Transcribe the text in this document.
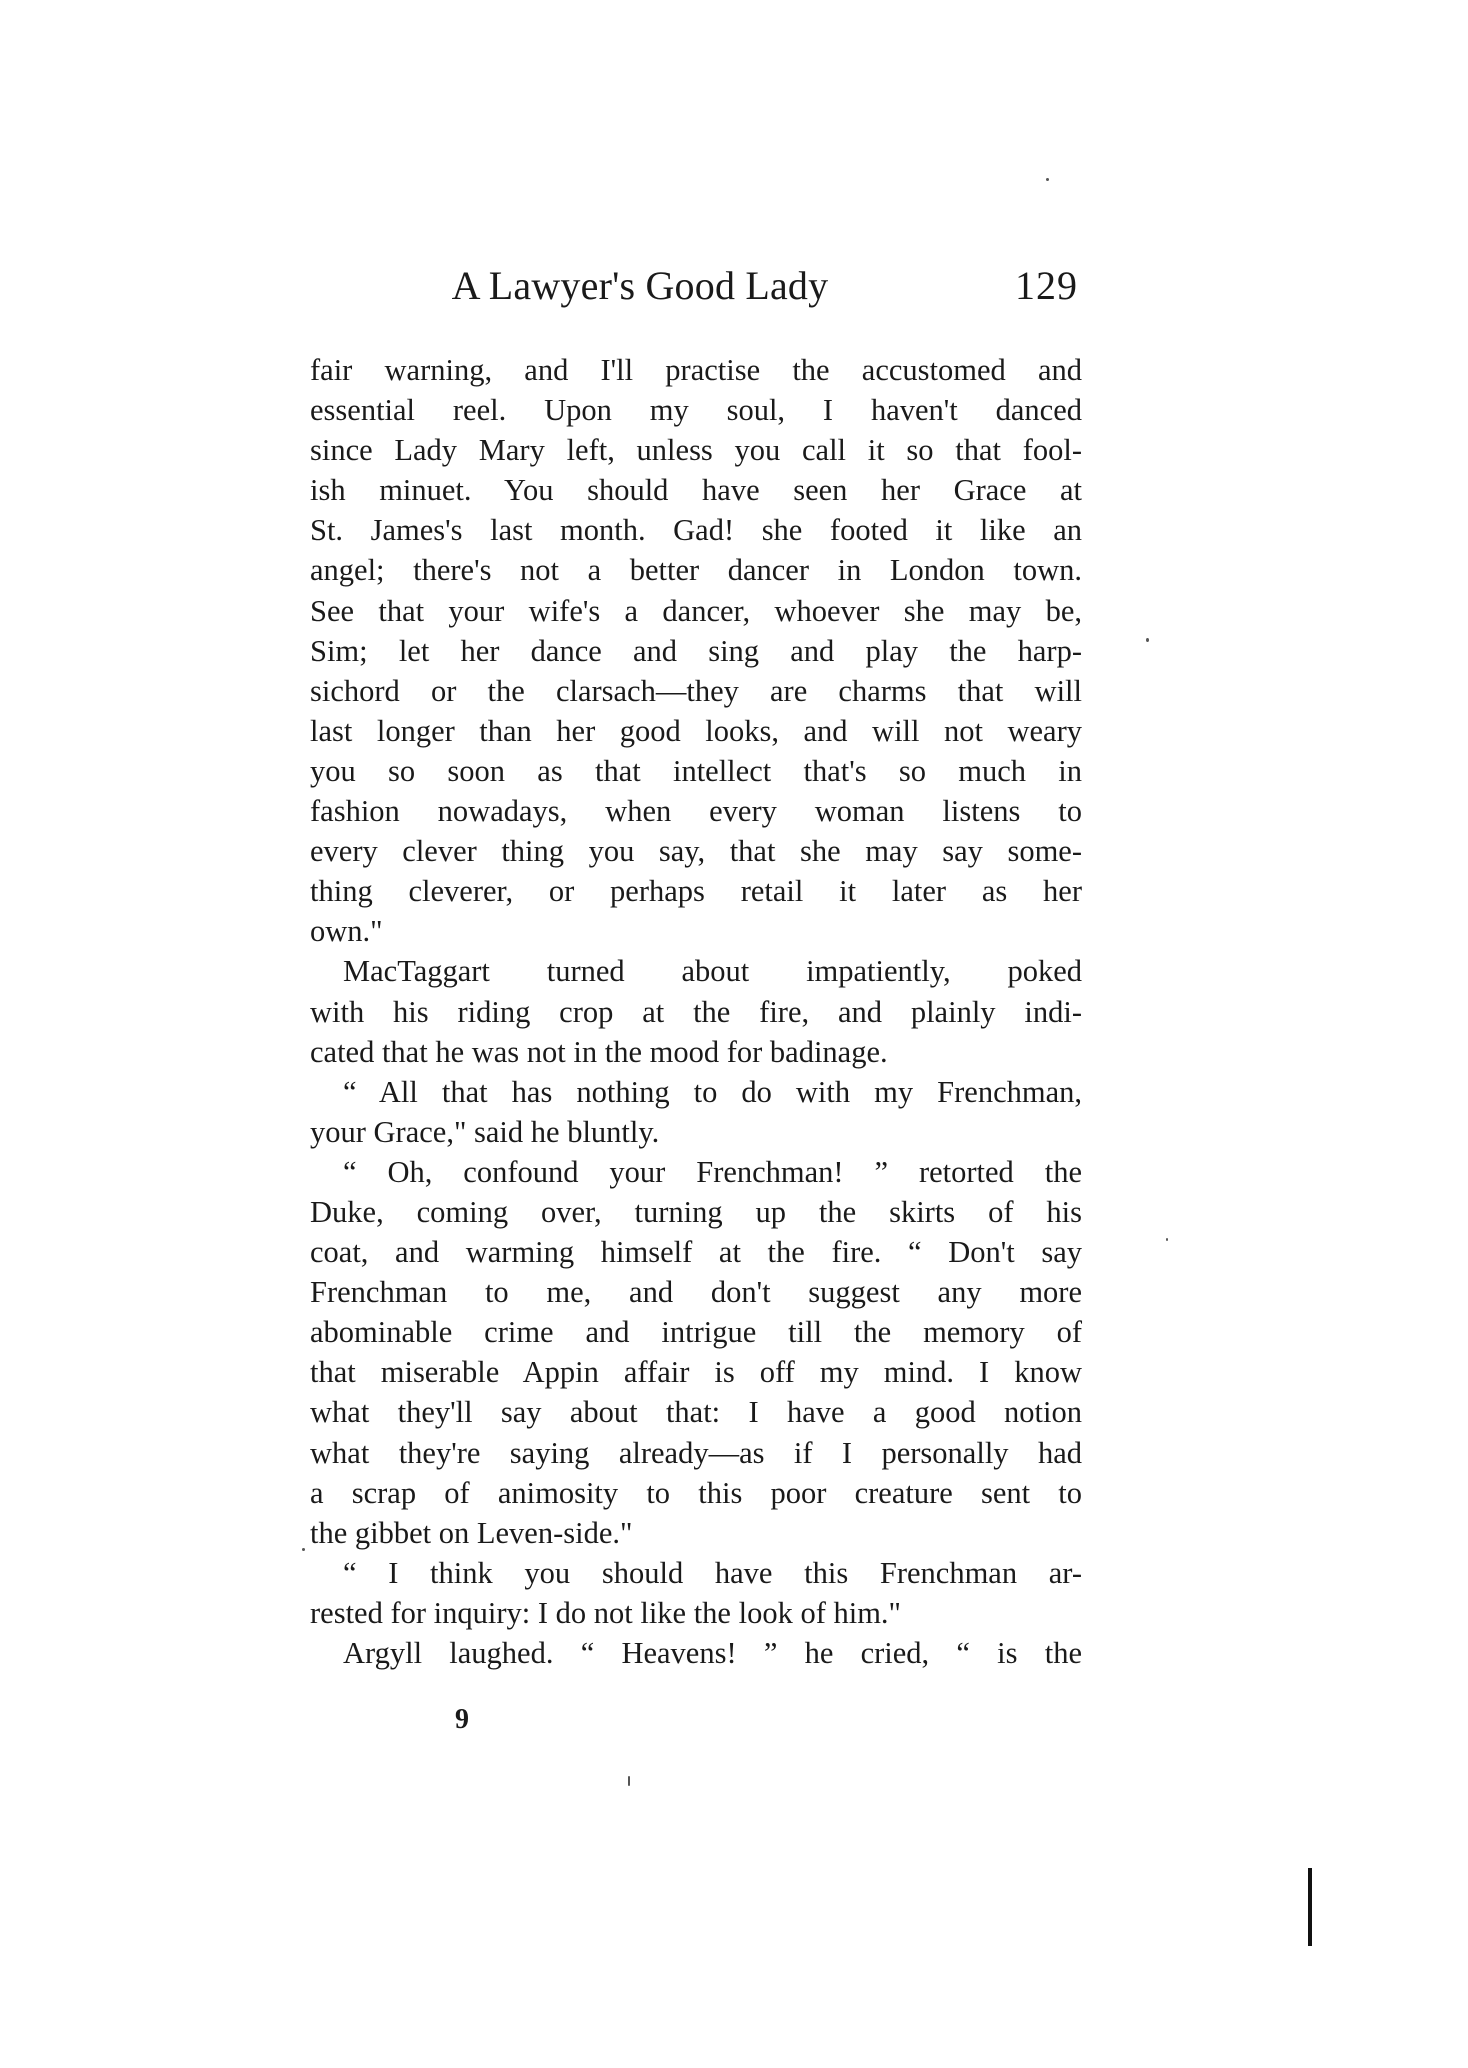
A Lawyer's Good Lady	129
fair warning, and I'll practise the accustomed and
essential reel. Upon my soul, I haven't danced
since Lady Mary left, unless you call it so that fool-
ish minuet. You should have seen her Grace at
St. James's last month. Gad! she footed it like an
angel; there's not a better dancer in London town.
See that your wife's a dancer, whoever she may be,
Sim; let her dance and sing and play the harp-
sichord or the clarsach—they are charms that will
last longer than her good looks, and will not weary
you so soon as that intellect that's so much in
fashion nowadays, when every woman listens to
every clever thing you say, that she may say some-
thing cleverer, or perhaps retail it later as her
own."
MacTaggart turned about impatiently, poked
with his riding crop at the fire, and plainly indi-
cated that he was not in the mood for badinage.
“ All that has nothing to do with my Frenchman,
your Grace," said he bluntly.
“ Oh, confound your Frenchman! ” retorted the
Duke, coming over, turning up the skirts of his
coat, and warming himself at the fire. “ Don't say
Frenchman to me, and don't suggest any more
abominable crime and intrigue till the memory of
that miserable Appin affair is off my mind. I know
what they'll say about that: I have a good notion
what they're saying already—as if I personally had
a scrap of animosity to this poor creature sent to
the gibbet on Leven-side."
“ I think you should have this Frenchman ar-
rested for inquiry: I do not like the look of him."
Argyll laughed. “ Heavens! ” he cried, “ is the
9
